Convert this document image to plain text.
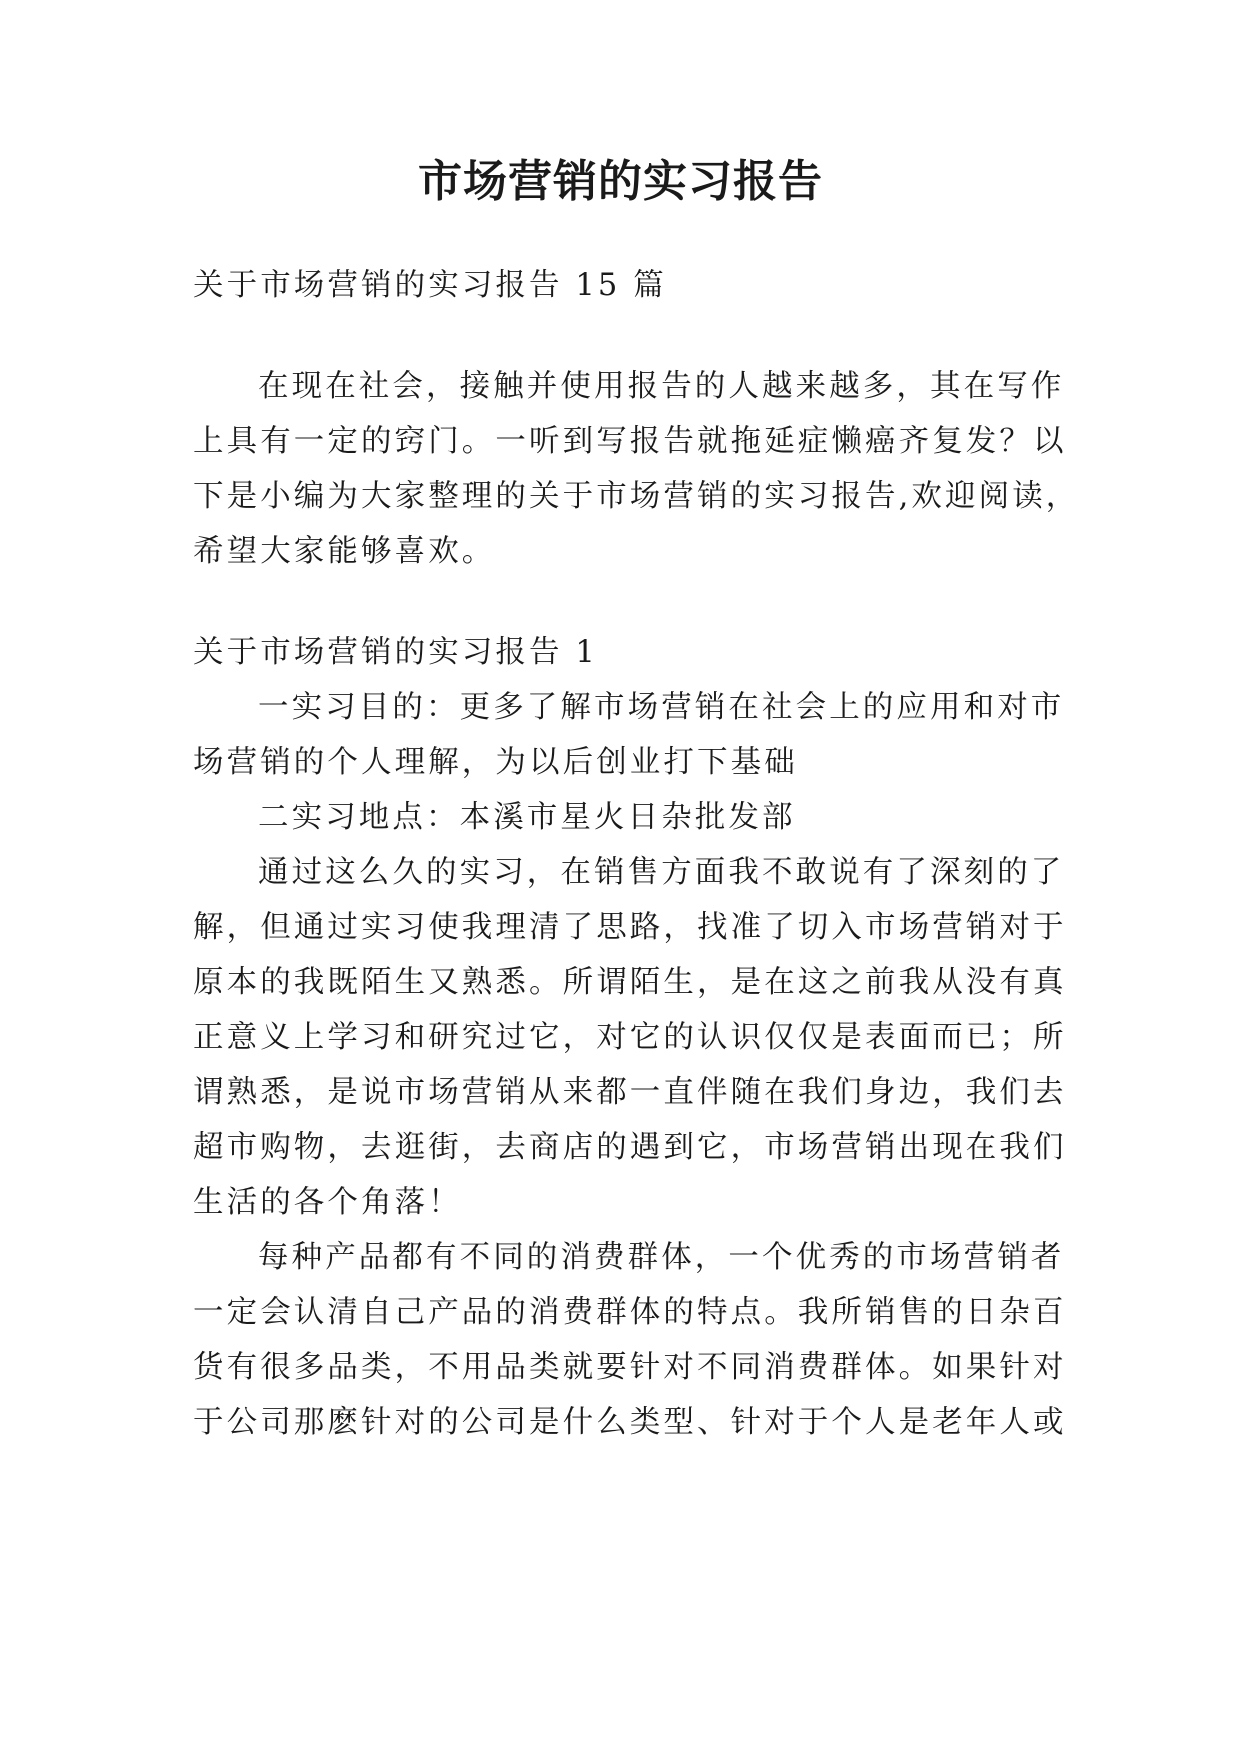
市场营销的实习报告
关于市场营销的实习报告 15 篇
在现在社会，接触并使用报告的人越来越多，其在写作
上具有一定的窍门。一听到写报告就拖延症懒癌齐复发？以
下是小编为大家整理的关于市场营销的实习报告,欢迎阅读，
希望大家能够喜欢。
关于市场营销的实习报告 1
一实习目的：更多了解市场营销在社会上的应用和对市
场营销的个人理解，为以后创业打下基础
二实习地点：本溪市星火日杂批发部
通过这么久的实习，在销售方面我不敢说有了深刻的了
解，但通过实习使我理清了思路，找准了切入市场营销对于
原本的我既陌生又熟悉。所谓陌生，是在这之前我从没有真
正意义上学习和研究过它，对它的认识仅仅是表面而已；所
谓熟悉，是说市场营销从来都一直伴随在我们身边，我们去
超市购物，去逛街，去商店的遇到它，市场营销出现在我们
生活的各个角落！
每种产品都有不同的消费群体，一个优秀的市场营销者
一定会认清自己产品的消费群体的特点。我所销售的日杂百
货有很多品类，不用品类就要针对不同消费群体。如果针对
于公司那麽针对的公司是什么类型、针对于个人是老年人或
